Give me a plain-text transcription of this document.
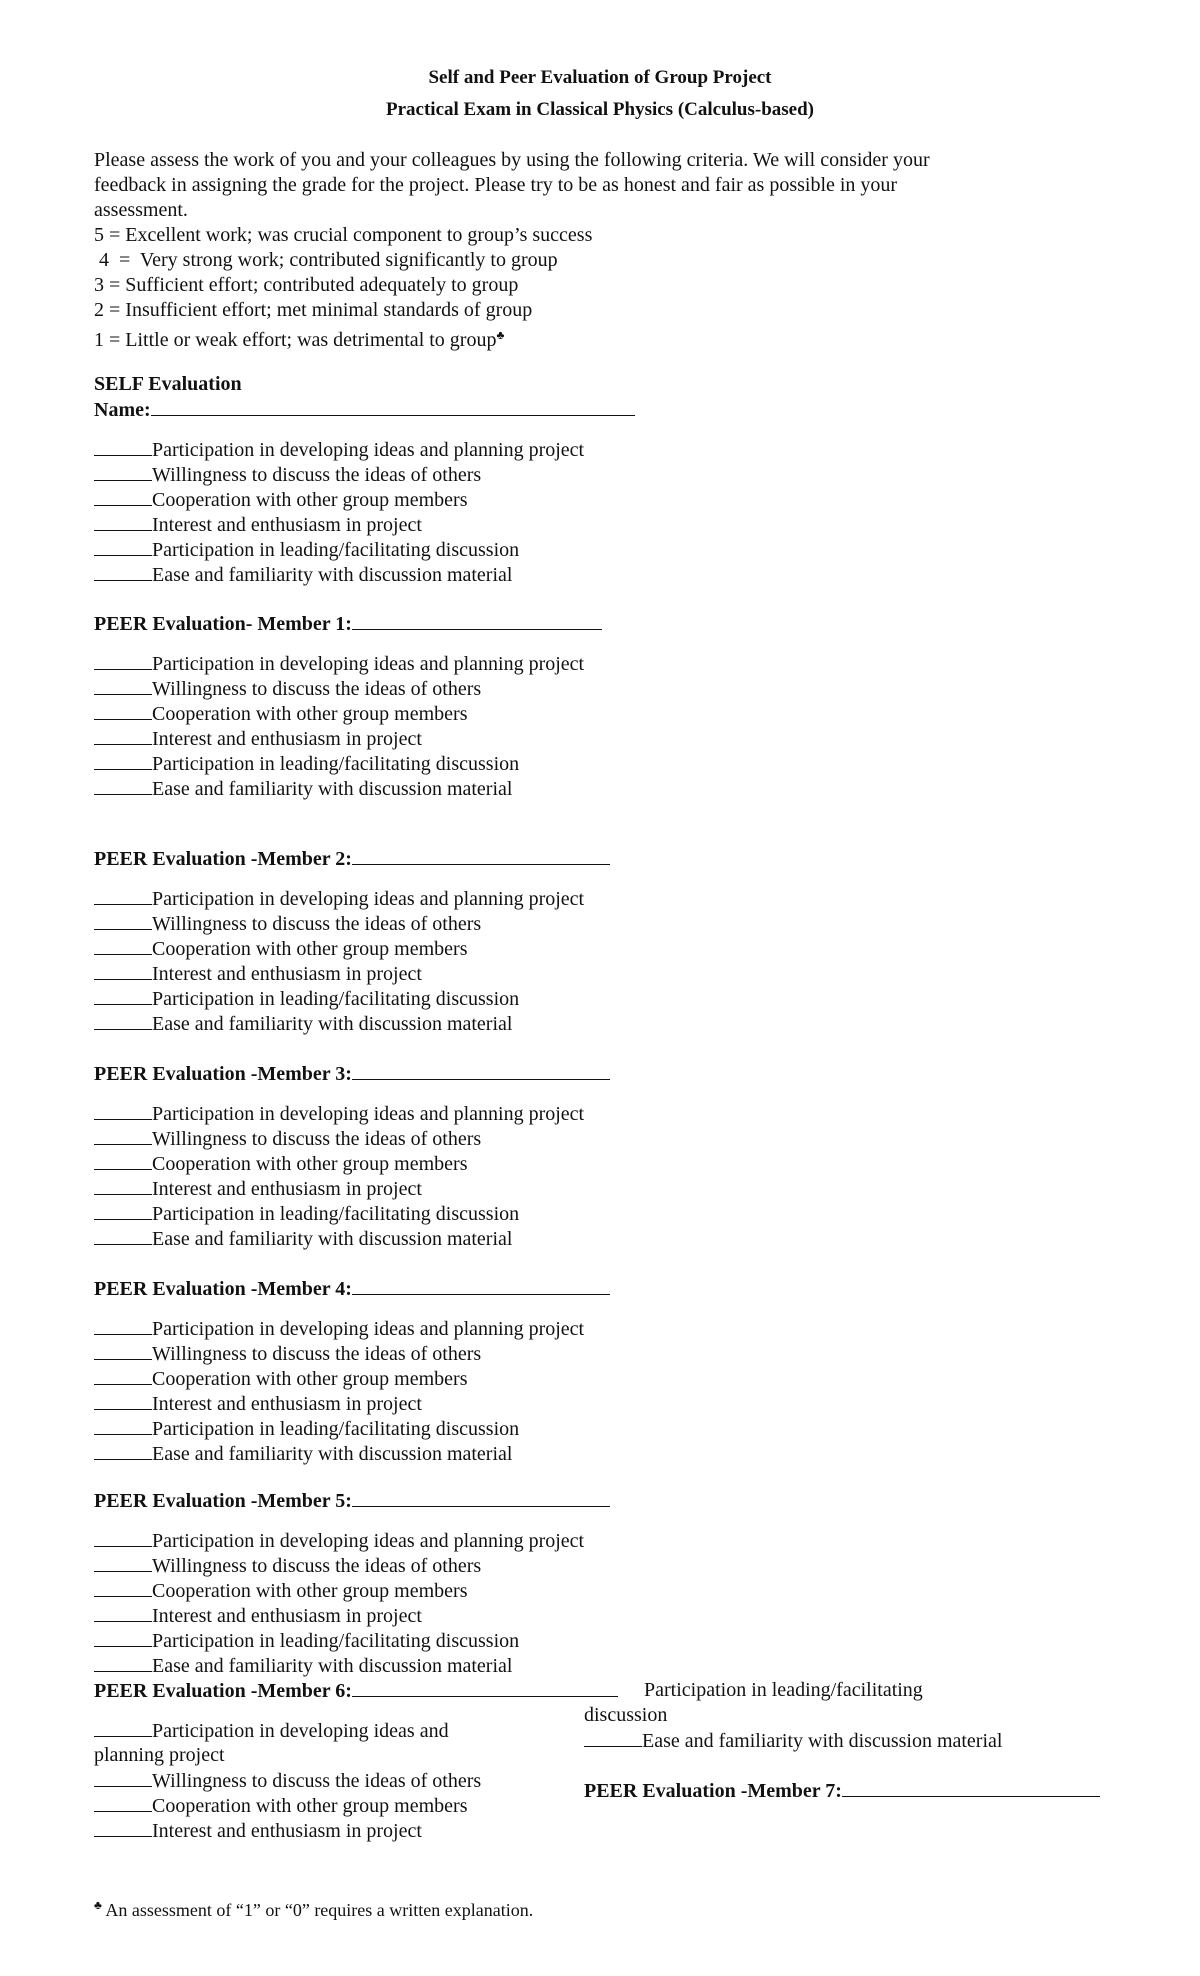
Self and Peer Evaluation of Group Project
Practical Exam in Classical Physics (Calculus-based)
Please assess the work of you and your colleagues by using the following criteria. We will consider your
feedback in assigning the grade for the project. Please try to be as honest and fair as possible in your
assessment.
5 = Excellent work; was crucial component to group’s success
4  =  Very strong work; contributed significantly to group
3 = Sufficient effort; contributed adequately to group
2 = Insufficient effort; met minimal standards of group
1 = Little or weak effort; was detrimental to group♣
SELF Evaluation
Name:
Participation in developing ideas and planning project
Willingness to discuss the ideas of others
Cooperation with other group members
Interest and enthusiasm in project
Participation in leading/facilitating discussion
Ease and familiarity with discussion material
PEER Evaluation- Member 1:
Participation in developing ideas and planning project
Willingness to discuss the ideas of others
Cooperation with other group members
Interest and enthusiasm in project
Participation in leading/facilitating discussion
Ease and familiarity with discussion material
PEER Evaluation -Member 2:
Participation in developing ideas and planning project
Willingness to discuss the ideas of others
Cooperation with other group members
Interest and enthusiasm in project
Participation in leading/facilitating discussion
Ease and familiarity with discussion material
PEER Evaluation -Member 3:
Participation in developing ideas and planning project
Willingness to discuss the ideas of others
Cooperation with other group members
Interest and enthusiasm in project
Participation in leading/facilitating discussion
Ease and familiarity with discussion material
PEER Evaluation -Member 4:
Participation in developing ideas and planning project
Willingness to discuss the ideas of others
Cooperation with other group members
Interest and enthusiasm in project
Participation in leading/facilitating discussion
Ease and familiarity with discussion material
PEER Evaluation -Member 5:
Participation in developing ideas and planning project
Willingness to discuss the ideas of others
Cooperation with other group members
Interest and enthusiasm in project
Participation in leading/facilitating discussion
Ease and familiarity with discussion material
PEER Evaluation -Member 6:
Participation in developing ideas and
planning project
Willingness to discuss the ideas of others
Cooperation with other group members
Interest and enthusiasm in project
Participation in leading/facilitating
discussion
Ease and familiarity with discussion material
PEER Evaluation -Member 7:
♣ An assessment of “1” or “0” requires a written explanation.
